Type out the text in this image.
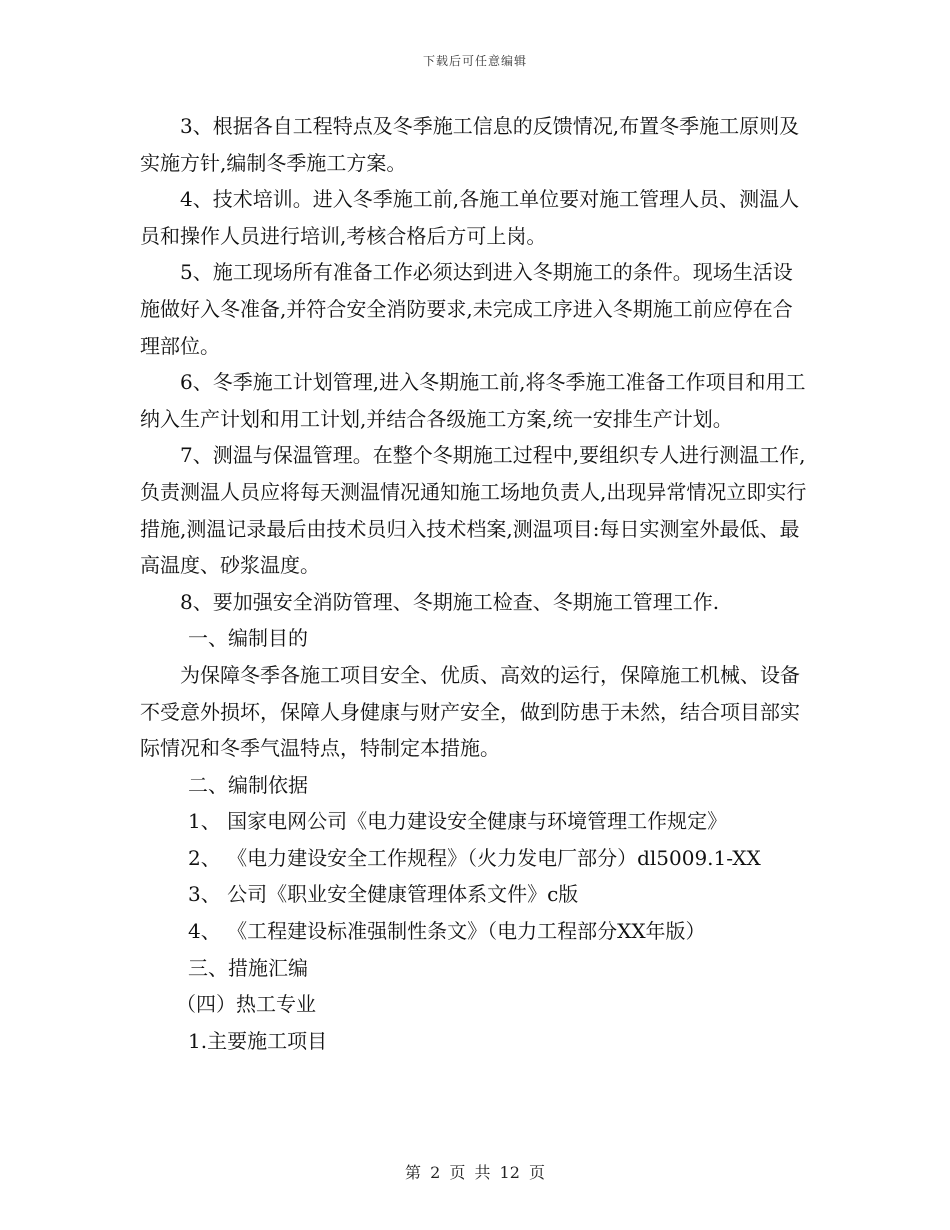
下载后可任意编辑

3、根据各自工程特点及冬季施工信息的反馈情况,布置冬季施工原则及实施方针,编制冬季施工方案。

4、技术培训。进入冬季施工前,各施工单位要对施工管理人员、测温人员和操作人员进行培训,考核合格后方可上岗。

5、施工现场所有准备工作必须达到进入冬期施工的条件。现场生活设施做好入冬准备,并符合安全消防要求,未完成工序进入冬期施工前应停在合理部位。

6、冬季施工计划管理,进入冬期施工前,将冬季施工准备工作项目和用工纳入生产计划和用工计划,并结合各级施工方案,统一安排生产计划。

7、测温与保温管理。在整个冬期施工过程中,要组织专人进行测温工作,负责测温人员应将每天测温情况通知施工场地负责人,出现异常情况立即实行措施,测温记录最后由技术员归入技术档案,测温项目:每日实测室外最低、最高温度、砂浆温度。

8、要加强安全消防管理、冬期施工检查、冬期施工管理工作.

一、编制目的

为保障冬季各施工项目安全、优质、高效的运行，保障施工机械、设备不受意外损坏，保障人身健康与财产安全，做到防患于未然，结合项目部实际情况和冬季气温特点，特制定本措施。

二、编制依据

1、 国家电网公司《电力建设安全健康与环境管理工作规定》

2、 《电力建设安全工作规程》（火力发电厂部分）dl5009.1-XX

3、 公司《职业安全健康管理体系文件》c版

4、 《工程建设标准强制性条文》（电力工程部分XX年版）

三、措施汇编

（四）热工专业

1.主要施工项目

第 2 页 共 12 页
